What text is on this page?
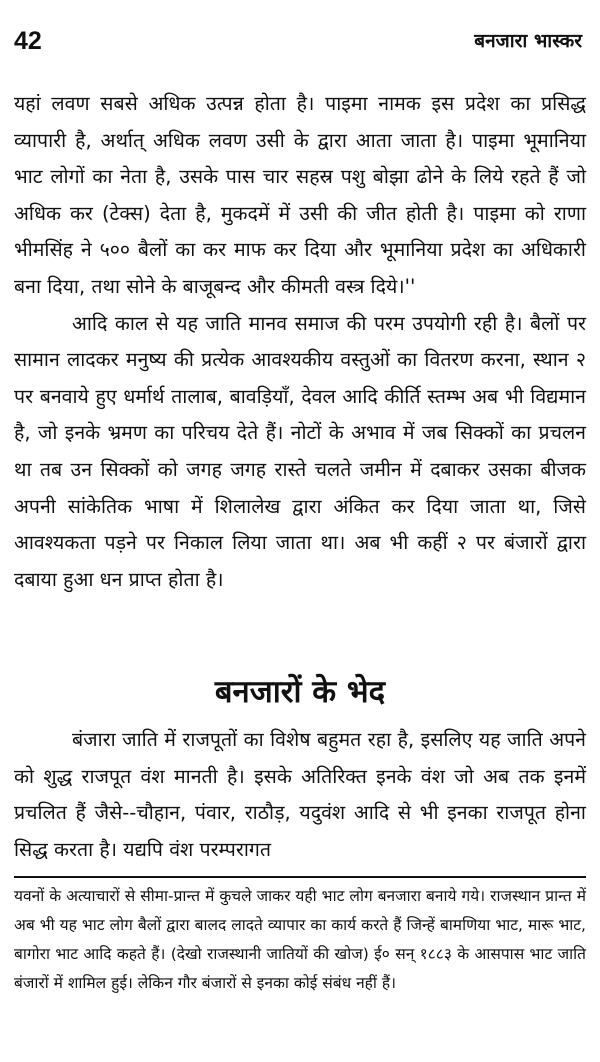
42	बनजारा भास्कर

यहां लवण सबसे अधिक उत्पन्न होता है। पाइमा नामक इस प्रदेश का प्रसिद्ध व्यापारी है, अर्थात् अधिक लवण उसी के द्वारा आता जाता है। पाइमा भूमानिया भाट लोगों का नेता है, उसके पास चार सहस्र पशु बोझा ढोने के लिये रहते हैं जो अधिक कर (टेक्स) देता है, मुकदमें में उसी की जीत होती है। पाइमा को राणा भीमसिंह ने ५०० बैलों का कर माफ कर दिया और भूमानिया प्रदेश का अधिकारी बना दिया, तथा सोने के बाजूबन्द और कीमती वस्त्र दिये।''

आदि काल से यह जाति मानव समाज की परम उपयोगी रही है। बैलों पर सामान लादकर मनुष्य की प्रत्येक आवश्यकीय वस्तुओं का वितरण करना, स्थान २ पर बनवाये हुए धर्मार्थ तालाब, बावड़ियाँ, देवल आदि कीर्ति स्तम्भ अब भी विद्यमान है, जो इनके भ्रमण का परिचय देते हैं। नोटों के अभाव में जब सिक्कों का प्रचलन था तब उन सिक्कों को जगह जगह रास्ते चलते जमीन में दबाकर उसका बीजक अपनी सांकेतिक भाषा में शिलालेख द्वारा अंकित कर दिया जाता था, जिसे आवश्यकता पड़ने पर निकाल लिया जाता था। अब भी कहीं २ पर बंजारों द्वारा दबाया हुआ धन प्राप्त होता है।

बनजारों के भेद

बंजारा जाति में राजपूतों का विशेष बहुमत रहा है, इसलिए यह जाति अपने को शुद्ध राजपूत वंश मानती है। इसके अतिरिक्त इनके वंश जो अब तक इनमें प्रचलित हैं जैसे--चौहान, पंवार, राठौड़, यदुवंश आदि से भी इनका राजपूत होना सिद्ध करता है। यद्यपि वंश परम्परागत

यवनों के अत्याचारों से सीमा-प्रान्त में कुचले जाकर यही भाट लोग बनजारा बनाये गये। राजस्थान प्रान्त में अब भी यह भाट लोग बैलों द्वारा बालद लादते व्यापार का कार्य करते हैं जिन्हें बामणिया भाट, मारू भाट, बागोरा भाट आदि कहते हैं। (देखो राजस्थानी जातियों की खोज) ई० सन् १८८३ के आसपास भाट जाति बंजारों में शामिल हुई। लेकिन गौर बंजारों से इनका कोई संबंध नहीं हैं।
